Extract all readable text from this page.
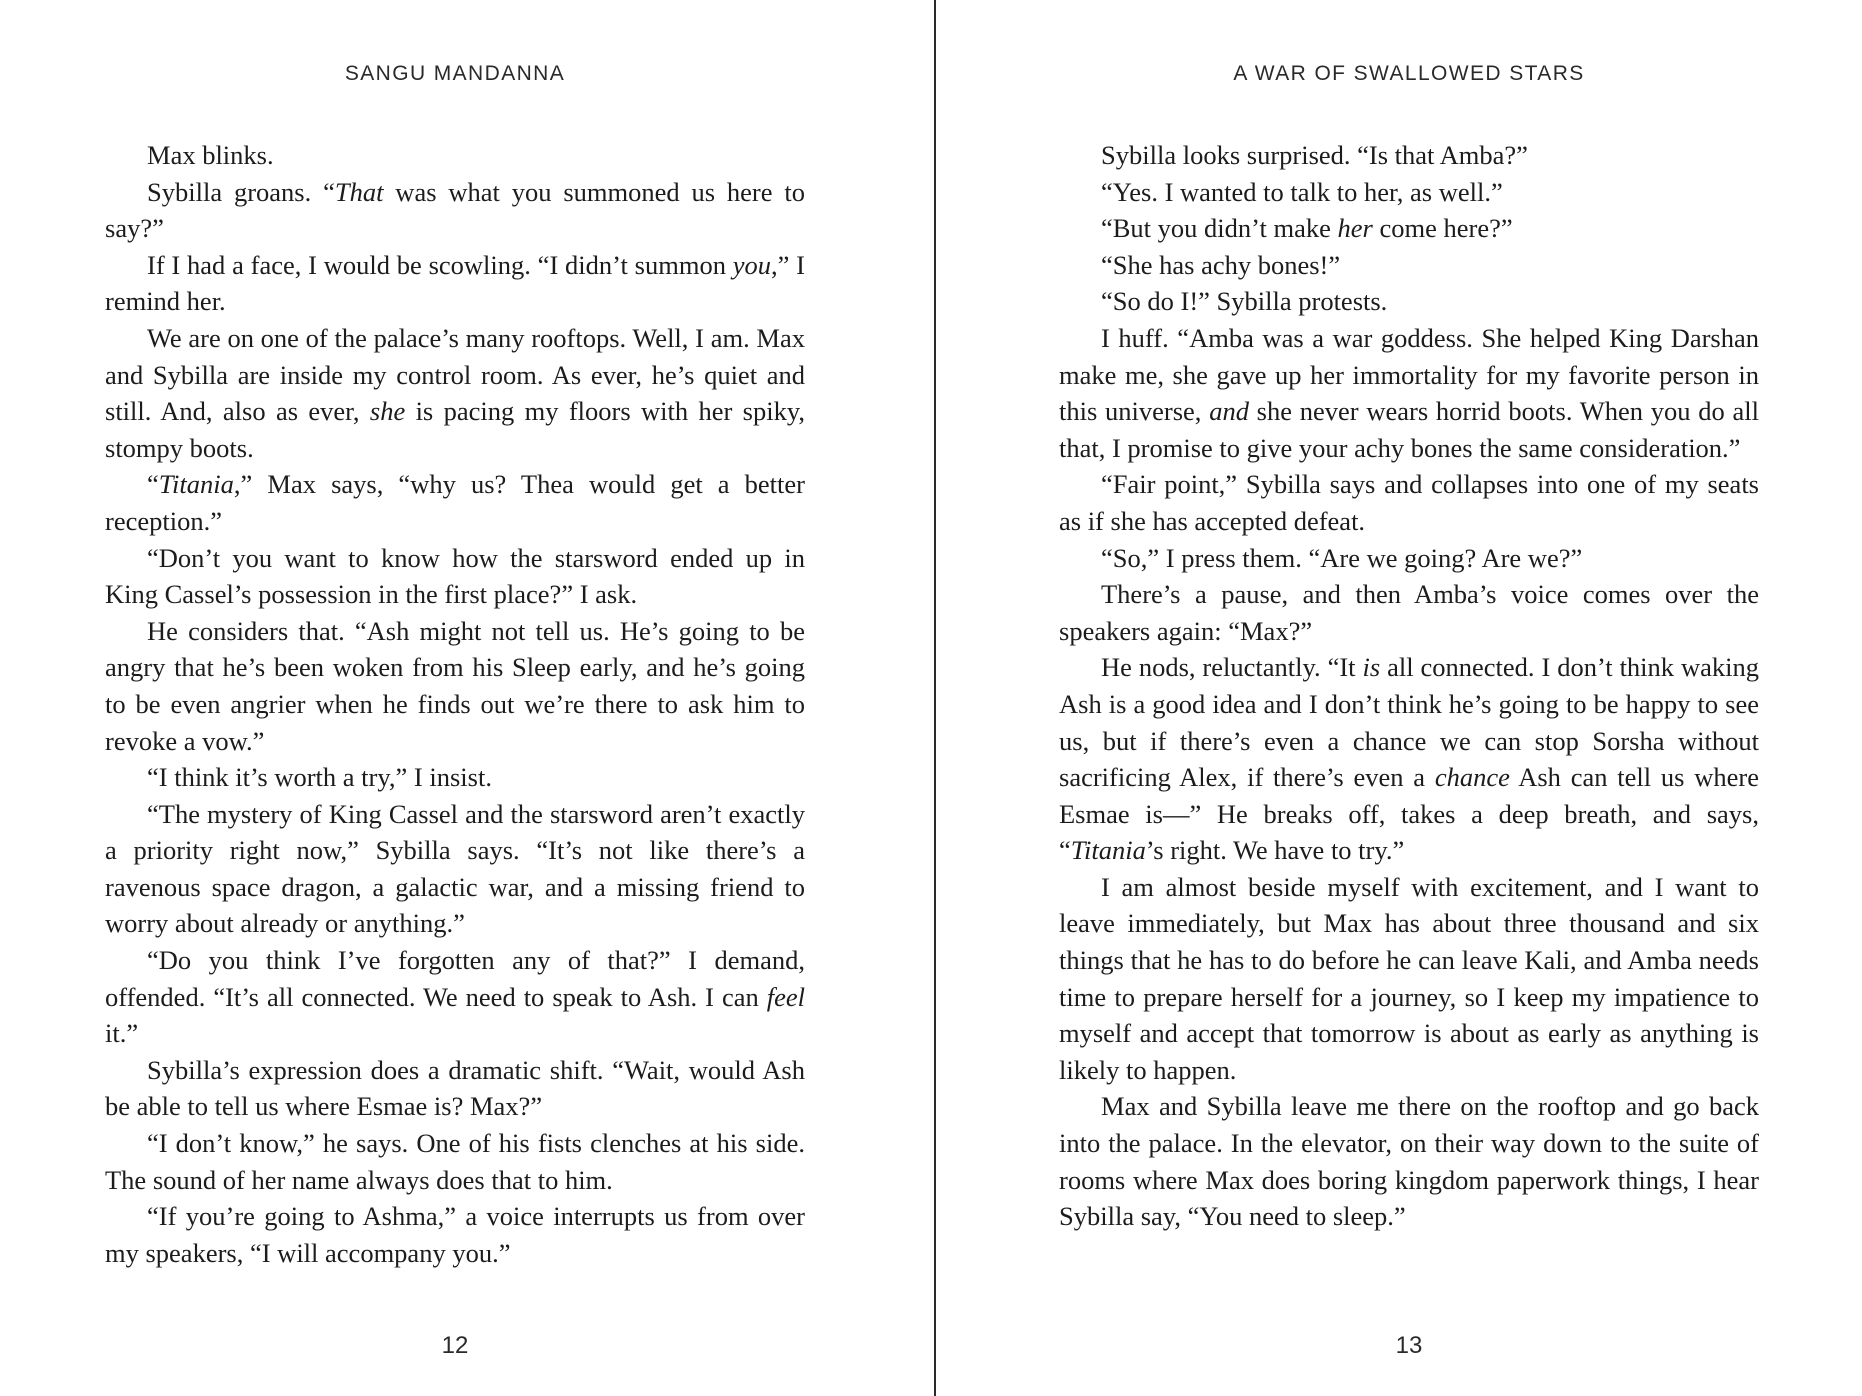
SANGU MANDANNA

Max blinks.

Sybilla groans. “That was what you summoned us here to say?”

If I had a face, I would be scowling. “I didn’t summon you,” I remind her.

We are on one of the palace’s many rooftops. Well, I am. Max and Sybilla are inside my control room. As ever, he’s quiet and still. And, also as ever, she is pacing my floors with her spiky, stompy boots.

“Titania,” Max says, “why us? Thea would get a better reception.”

“Don’t you want to know how the starsword ended up in King Cassel’s possession in the first place?” I ask.

He considers that. “Ash might not tell us. He’s going to be angry that he’s been woken from his Sleep early, and he’s going to be even angrier when he finds out we’re there to ask him to revoke a vow.”

“I think it’s worth a try,” I insist.

“The mystery of King Cassel and the starsword aren’t exactly a priority right now,” Sybilla says. “It’s not like there’s a ravenous space dragon, a galactic war, and a missing friend to worry about already or anything.”

“Do you think I’ve forgotten any of that?” I demand, offended. “It’s all connected. We need to speak to Ash. I can feel it.”

Sybilla’s expression does a dramatic shift. “Wait, would Ash be able to tell us where Esmae is? Max?”

“I don’t know,” he says. One of his fists clenches at his side. The sound of her name always does that to him.

“If you’re going to Ashma,” a voice interrupts us from over my speakers, “I will accompany you.”

12
A WAR OF SWALLOWED STARS

Sybilla looks surprised. “Is that Amba?”

“Yes. I wanted to talk to her, as well.”

“But you didn’t make her come here?”

“She has achy bones!”

“So do I!” Sybilla protests.

I huff. “Amba was a war goddess. She helped King Darshan make me, she gave up her immortality for my favorite person in this universe, and she never wears horrid boots. When you do all that, I promise to give your achy bones the same consideration.”

“Fair point,” Sybilla says and collapses into one of my seats as if she has accepted defeat.

“So,” I press them. “Are we going? Are we?”

There’s a pause, and then Amba’s voice comes over the speakers again: “Max?”

He nods, reluctantly. “It is all connected. I don’t think waking Ash is a good idea and I don’t think he’s going to be happy to see us, but if there’s even a chance we can stop Sorsha without sacrificing Alex, if there’s even a chance Ash can tell us where Esmae is—” He breaks off, takes a deep breath, and says, “Titania’s right. We have to try.”

I am almost beside myself with excitement, and I want to leave immediately, but Max has about three thousand and six things that he has to do before he can leave Kali, and Amba needs time to prepare herself for a journey, so I keep my impatience to myself and accept that tomorrow is about as early as anything is likely to happen.

Max and Sybilla leave me there on the rooftop and go back into the palace. In the elevator, on their way down to the suite of rooms where Max does boring kingdom paperwork things, I hear Sybilla say, “You need to sleep.”

13
